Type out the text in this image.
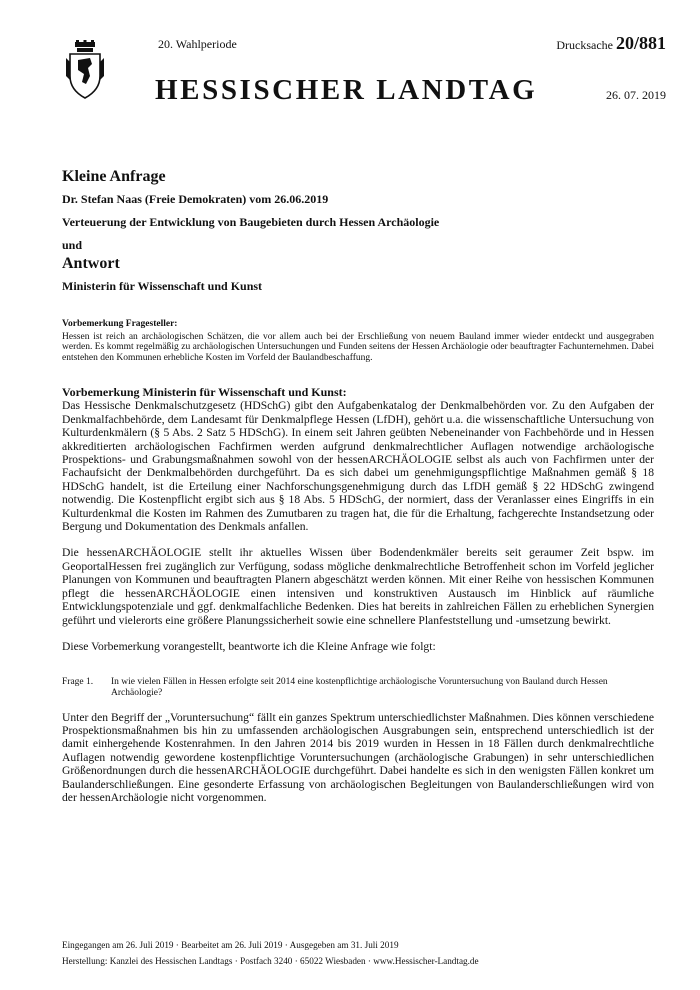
20. Wahlperiode	Drucksache 20/881
HESSISCHER LANDTAG	26. 07. 2019
Kleine Anfrage
Dr. Stefan Naas (Freie Demokraten) vom 26.06.2019
Verteuerung der Entwicklung von Baugebieten durch Hessen Archäologie
und
Antwort
Ministerin für Wissenschaft und Kunst
Vorbemerkung Fragesteller:
Hessen ist reich an archäologischen Schätzen, die vor allem auch bei der Erschließung von neuem Bauland immer wieder entdeckt und ausgegraben werden. Es kommt regelmäßig zu archäologischen Untersuchungen und Funden seitens der Hessen Archäologie oder beauftragter Fachunternehmen. Dabei entstehen den Kommunen erhebliche Kosten im Vorfeld der Baulandbeschaffung.
Vorbemerkung Ministerin für Wissenschaft und Kunst:

Das Hessische Denkmalschutzgesetz (HDSchG) gibt den Aufgabenkatalog der Denkmalbehörden vor. Zu den Aufgaben der Denkmalfachbehörde, dem Landesamt für Denkmalpflege Hessen (LfDH), gehört u.a. die wissenschaftliche Untersuchung von Kulturdenkmälern (§ 5 Abs. 2 Satz 5 HDSchG). In einem seit Jahren geübten Nebeneinander von Fachbehörde und in Hessen akkreditierten archäologischen Fachfirmen werden aufgrund denkmalrechtlicher Auflagen notwendige archäologische Prospektions- und Grabungsmaßnahmen sowohl von der hessenARCHÄOLOGIE selbst als auch von Fachfirmen unter der Fachaufsicht der Denkmalbehörden durchgeführt. Da es sich dabei um genehmigungspflichtige Maßnahmen gemäß § 18 HDSchG handelt, ist die Erteilung einer Nachforschungsgenehmigung durch das LfDH gemäß § 22 HDSchG zwingend notwendig. Die Kostenpflicht ergibt sich aus § 18 Abs. 5 HDSchG, der normiert, dass der Veranlasser eines Eingriffs in ein Kulturdenkmal die Kosten im Rahmen des Zumutbaren zu tragen hat, die für die Erhaltung, fachgerechte Instandsetzung oder Bergung und Dokumentation des Denkmals anfallen.

Die hessenARCHÄOLOGIE stellt ihr aktuelles Wissen über Bodendenkmäler bereits seit geraumer Zeit bspw. im GeoportalHessen frei zugänglich zur Verfügung, sodass mögliche denkmalrechtliche Betroffenheit schon im Vorfeld jeglicher Planungen von Kommunen und beauftragten Planern abgeschätzt werden können. Mit einer Reihe von hessischen Kommunen pflegt die hessenARCHÄOLOGIE einen intensiven und konstruktiven Austausch im Hinblick auf räumliche Entwicklungspotenziale und ggf. denkmalfachliche Bedenken. Dies hat bereits in zahlreichen Fällen zu erheblichen Synergien geführt und vielerorts eine größere Planungssicherheit sowie eine schnellere Planfeststellung und -umsetzung bewirkt.

Diese Vorbemerkung vorangestellt, beantworte ich die Kleine Anfrage wie folgt:

Frage 1.	In wie vielen Fällen in Hessen erfolgte seit 2014 eine kostenpflichtige archäologische Voruntersuchung von Bauland durch Hessen Archäologie?

Unter den Begriff der „Voruntersuchung“ fällt ein ganzes Spektrum unterschiedlichster Maßnahmen. Dies können verschiedene Prospektionsmaßnahmen bis hin zu umfassenden archäologischen Ausgrabungen sein, entsprechend unterschiedlich ist der damit einhergehende Kostenrahmen. In den Jahren 2014 bis 2019 wurden in Hessen in 18 Fällen durch denkmalrechtliche Auflagen notwendig gewordene kostenpflichtige Voruntersuchungen (archäologische Grabungen) in sehr unterschiedlichen Größenordnungen durch die hessenARCHÄOLOGIE durchgeführt. Dabei handelte es sich in den wenigsten Fällen konkret um Baulanderschließungen. Eine gesonderte Erfassung von archäologischen Begleitungen von Baulanderschließungen wird von der hessenArchäologie nicht vorgenommen.

Eingegangen am 26. Juli 2019 · Bearbeitet am 26. Juli 2019 · Ausgegeben am 31. Juli 2019
Herstellung: Kanzlei des Hessischen Landtags · Postfach 3240 · 65022 Wiesbaden · www.Hessischer-Landtag.de
